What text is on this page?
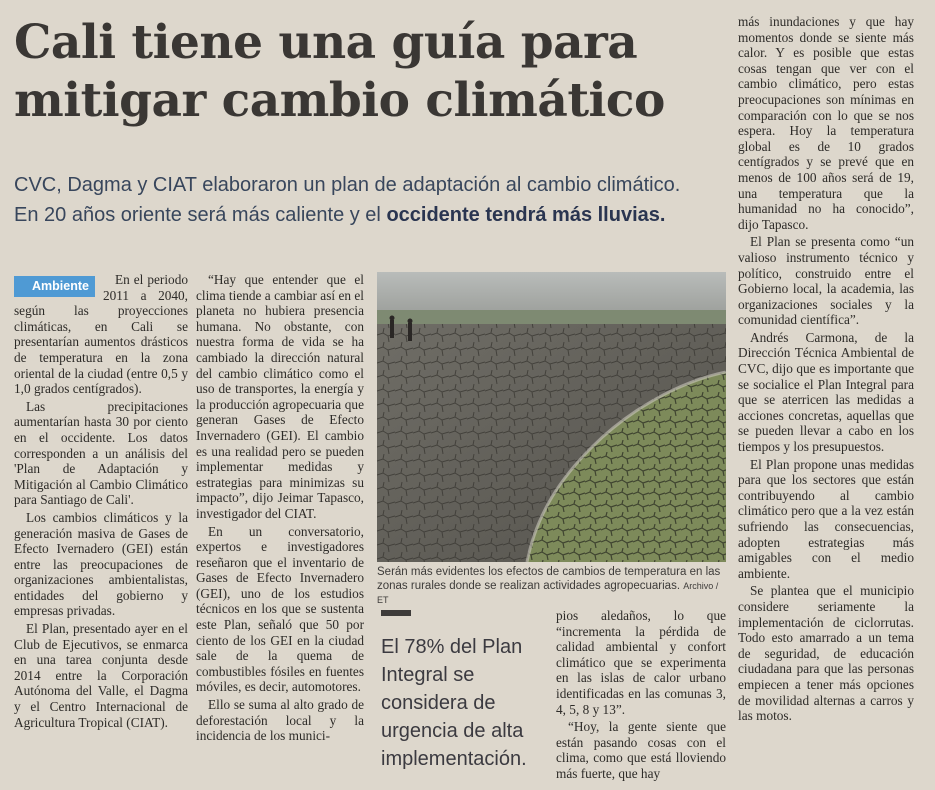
Cali tiene una guía para mitigar cambio climático
CVC, Dagma y CIAT elaboraron un plan de adaptación al cambio climático.
En 20 años oriente será más caliente y el occidente tendrá más lluvias.

Ambiente	En el periodo 2011 a 2040, según las proyecciones climáticas, en Cali se presentarían aumentos drásticos de temperatura en la zona oriental de la ciudad (entre 0,5 y 1,0 grados centígrados).

Las precipitaciones aumentarían hasta 30 por ciento en el occidente. Los datos corresponden a un análisis del 'Plan de Adaptación y Mitigación al Cambio Climático para Santiago de Cali'.

Los cambios climáticos y la generación masiva de Gases de Efecto Ivernadero (GEI) están entre las preocupaciones de organizaciones ambientalistas, entidades del gobierno y empresas privadas.

El Plan, presentado ayer en el Club de Ejecutivos, se enmarca en una tarea conjunta desde 2014 entre la Corporación Autónoma del Valle, el Dagma y el Centro Internacional de Agricultura Tropical (CIAT).

“Hay que entender que el clima tiende a cambiar así en el planeta no hubiera presencia humana. No obstante, con nuestra forma de vida se ha cambiado la dirección natural del cambio climático como el uso de transportes, la energía y la producción agropecuaria que generan Gases de Efecto Invernadero (GEI). El cambio es una realidad pero se pueden implementar medidas y estrategias para minimizas su impacto”, dijo Jeimar Tapasco, investigador del CIAT.

En un conversatorio, expertos e investigadores reseñaron que el inventario de Gases de Efecto Invernadero (GEI), uno de los estudios técnicos en los que se sustenta este Plan, señaló que 50 por ciento de los GEI en la ciudad sale de la quema de combustibles fósiles en fuentes móviles, es decir, automotores.

Ello se suma al alto grado de deforestación local y la incidencia de los munici-

Serán más evidentes los efectos de cambios de temperatura en las zonas rurales donde se realizan actividades agropecuarias. Archivo / ET
El 78% del Plan Integral se considera de urgencia de alta implementación.

pios aledaños, lo que “incrementa la pérdida de calidad ambiental y confort climático que se experimenta en las islas de calor urbano identificadas en las comunas 3, 4, 5, 8 y 13”.

“Hoy, la gente siente que están pasando cosas con el clima, como que está lloviendo más fuerte, que hay

más inundaciones y que hay momentos donde se siente más calor. Y es posible que estas cosas tengan que ver con el cambio climático, pero estas preocupaciones son mínimas en comparación con lo que se nos espera. Hoy la temperatura global es de 10 grados centígrados y se prevé que en menos de 100 años será de 19, una temperatura que la humanidad no ha conocido”, dijo Tapasco.

El Plan se presenta como “un valioso instrumento técnico y político, construido entre el Gobierno local, la academia, las organizaciones sociales y la comunidad científica”.

Andrés Carmona, de la Dirección Técnica Ambiental de CVC, dijo que es importante que se socialice el Plan Integral para que se aterricen las medidas a acciones concretas, aquellas que se pueden llevar a cabo en los tiempos y los presupuestos.

El Plan propone unas medidas para que los sectores que están contribuyendo al cambio climático pero que a la vez están sufriendo las consecuencias, adopten estrategias más amigables con el medio ambiente.

Se plantea que el municipio considere seriamente la implementación de ciclorrutas. Todo esto amarrado a un tema de seguridad, de educación ciudadana para que las personas empiecen a tener más opciones de movilidad alternas a carros y las motos.
